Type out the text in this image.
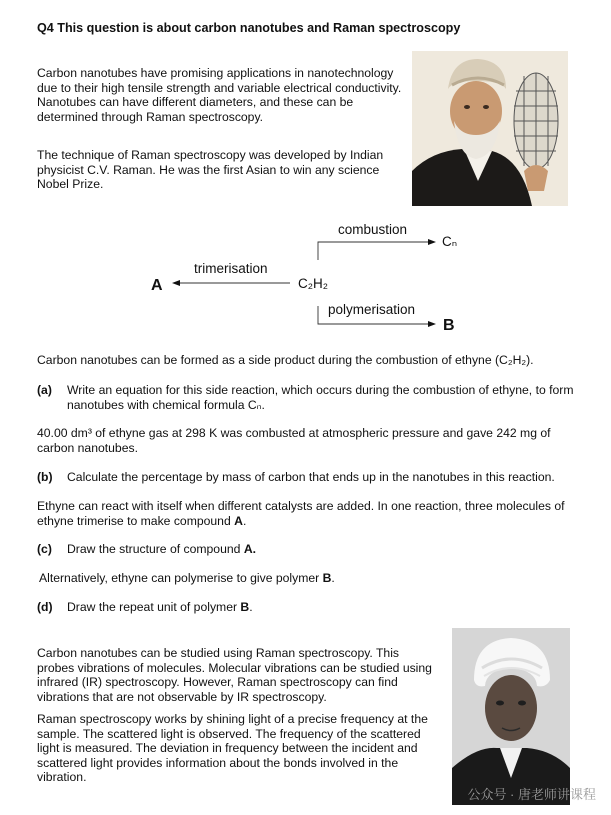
Q4 This question is about carbon nanotubes and Raman spectroscopy
Carbon nanotubes have promising applications in nanotechnology due to their high tensile strength and variable electrical conductivity. Nanotubes can have different diameters, and these can be determined through Raman spectroscopy.
The technique of Raman spectroscopy was developed by Indian physicist C.V. Raman. He was the first Asian to win any science Nobel Prize.
combustion
Cₙ
trimerisation
A	C₂H₂
polymerisation
B
Carbon nanotubes can be formed as a side product during the combustion of ethyne (C₂H₂).
(a) Write an equation for this side reaction, which occurs during the combustion of ethyne, to form nanotubes with chemical formula Cₙ.
40.00 dm³ of ethyne gas at 298 K was combusted at atmospheric pressure and gave 242 mg of carbon nanotubes.
(b) Calculate the percentage by mass of carbon that ends up in the nanotubes in this reaction.
Ethyne can react with itself when different catalysts are added. In one reaction, three molecules of ethyne trimerise to make compound A.
(c) Draw the structure of compound A.
Alternatively, ethyne can polymerise to give polymer B.
(d) Draw the repeat unit of polymer B.
Carbon nanotubes can be studied using Raman spectroscopy. This probes vibrations of molecules. Molecular vibrations can be studied using infrared (IR) spectroscopy. However, Raman spectroscopy can find vibrations that are not observable by IR spectroscopy.
Raman spectroscopy works by shining light of a precise frequency at the sample. The scattered light is observed. The frequency of the scattered light is measured. The deviation in frequency between the incident and scattered light provides information about the bonds involved in the vibration.
公众号 · 唐老师讲课程
